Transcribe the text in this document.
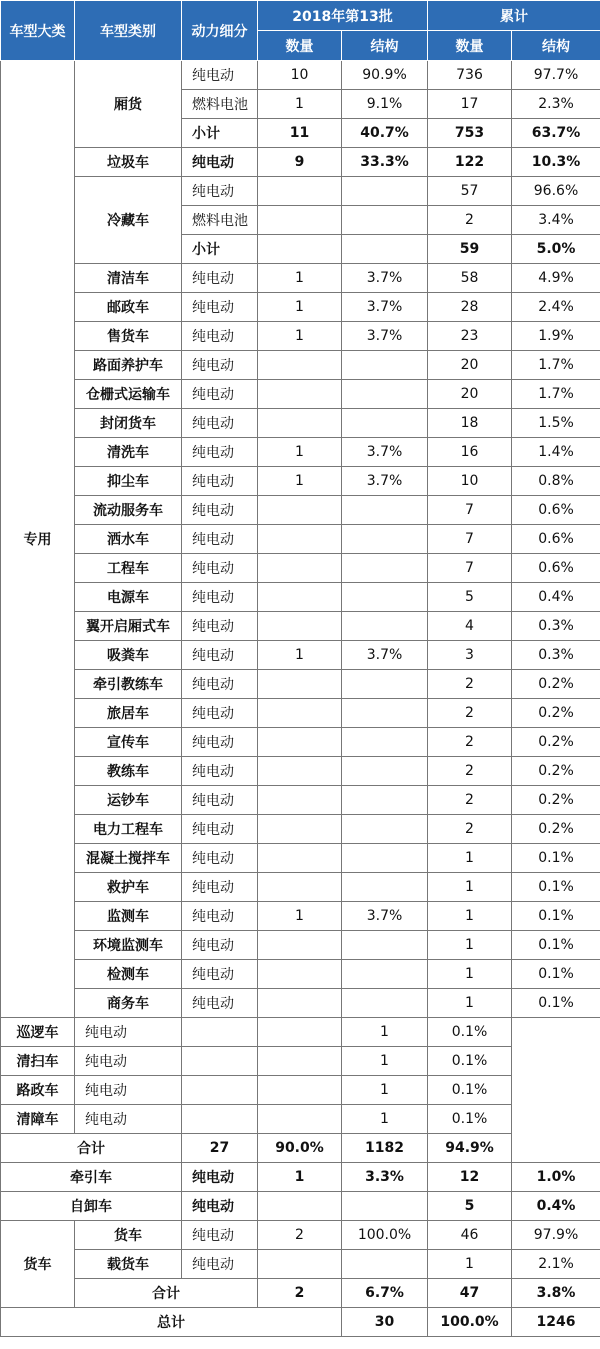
车型大类	车型类别	动力细分	2018年第13批		累计		
			数量	结构	数量	结构	
专用	厢货	纯电动	10	90.9%	736	97.7%	
		燃料电池	1	9.1%	17	2.3%	
		小计	11	40.7%	753	63.7%	
	垃圾车	纯电动	9	33.3%	122	10.3%	
	冷藏车	纯电动			57	96.6%	
		燃料电池			2	3.4%	
		小计			59	5.0%	
	清洁车	纯电动	1	3.7%	58	4.9%	
	邮政车	纯电动	1	3.7%	28	2.4%	
	售货车	纯电动	1	3.7%	23	1.9%	
	路面养护车	纯电动			20	1.7%	
	仓栅式运输车	纯电动			20	1.7%	
	封闭货车	纯电动			18	1.5%	
	清洗车	纯电动	1	3.7%	16	1.4%	
	抑尘车	纯电动	1	3.7%	10	0.8%	
	流动服务车	纯电动			7	0.6%	
	洒水车	纯电动			7	0.6%	
	工程车	纯电动			7	0.6%	
	电源车	纯电动			5	0.4%	
	翼开启厢式车	纯电动			4	0.3%	
	吸粪车	纯电动	1	3.7%	3	0.3%	
	牵引教练车	纯电动			2	0.2%	
	旅居车	纯电动			2	0.2%	
	宣传车	纯电动			2	0.2%	
	教练车	纯电动			2	0.2%	
	运钞车	纯电动			2	0.2%	
	电力工程车	纯电动			2	0.2%	
	混凝土搅拌车	纯电动			1	0.1%	
	救护车	纯电动			1	0.1%	
	监测车	纯电动	1	3.7%	1	0.1%	
	环境监测车	纯电动			1	0.1%	
	检测车	纯电动			1	0.1%	
	商务车	纯电动			1	0.1%	
巡逻车	纯电动			1	0.1%		
清扫车	纯电动			1	0.1%		
路政车	纯电动			1	0.1%		
清障车	纯电动			1	0.1%		
合计		27	90.0%	1182	94.9%		
牵引车		纯电动	1	3.3%	12	1.0%	
自卸车		纯电动			5	0.4%	
货车	货车	纯电动	2	100.0%	46	97.9%	
	载货车	纯电动			1	2.1%	
	合计		2	6.7%	47	3.8%	
总计				30	100.0%	1246	
